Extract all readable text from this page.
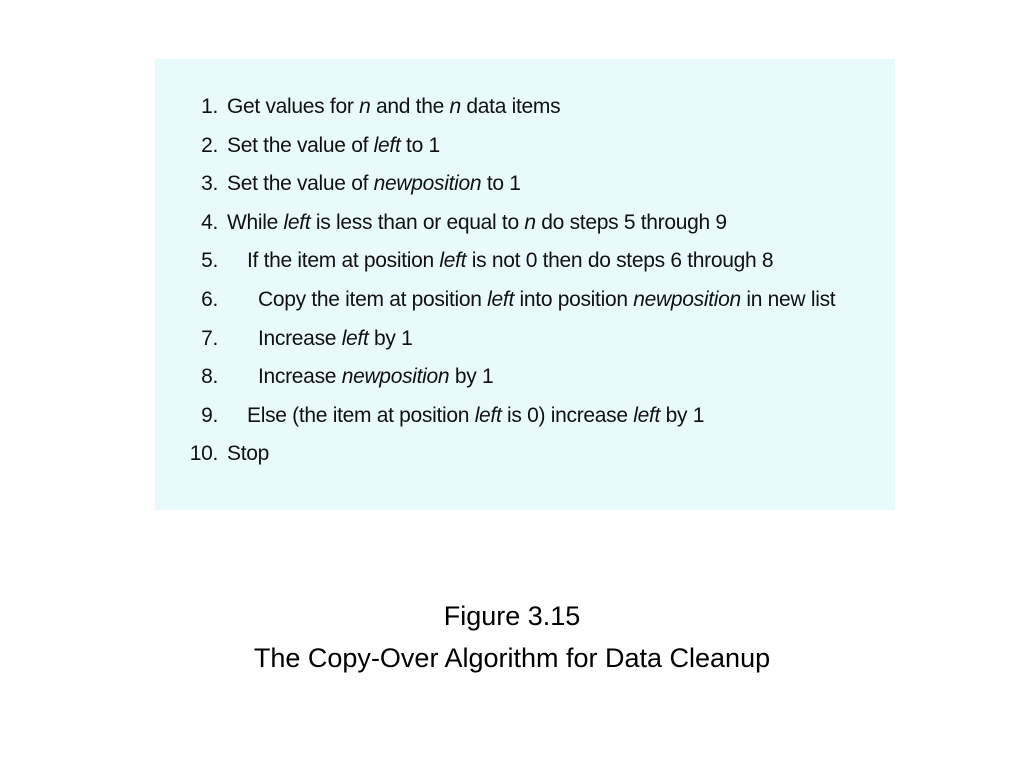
1. Get values for n and the n data items
2. Set the value of left to 1
3. Set the value of newposition to 1
4. While left is less than or equal to n do steps 5 through 9
5. If the item at position left is not 0 then do steps 6 through 8
6. Copy the item at position left into position newposition in new list
7. Increase left by 1
8. Increase newposition by 1
9. Else (the item at position left is 0) increase left by 1
10. Stop
Figure 3.15
The Copy-Over Algorithm for Data Cleanup
